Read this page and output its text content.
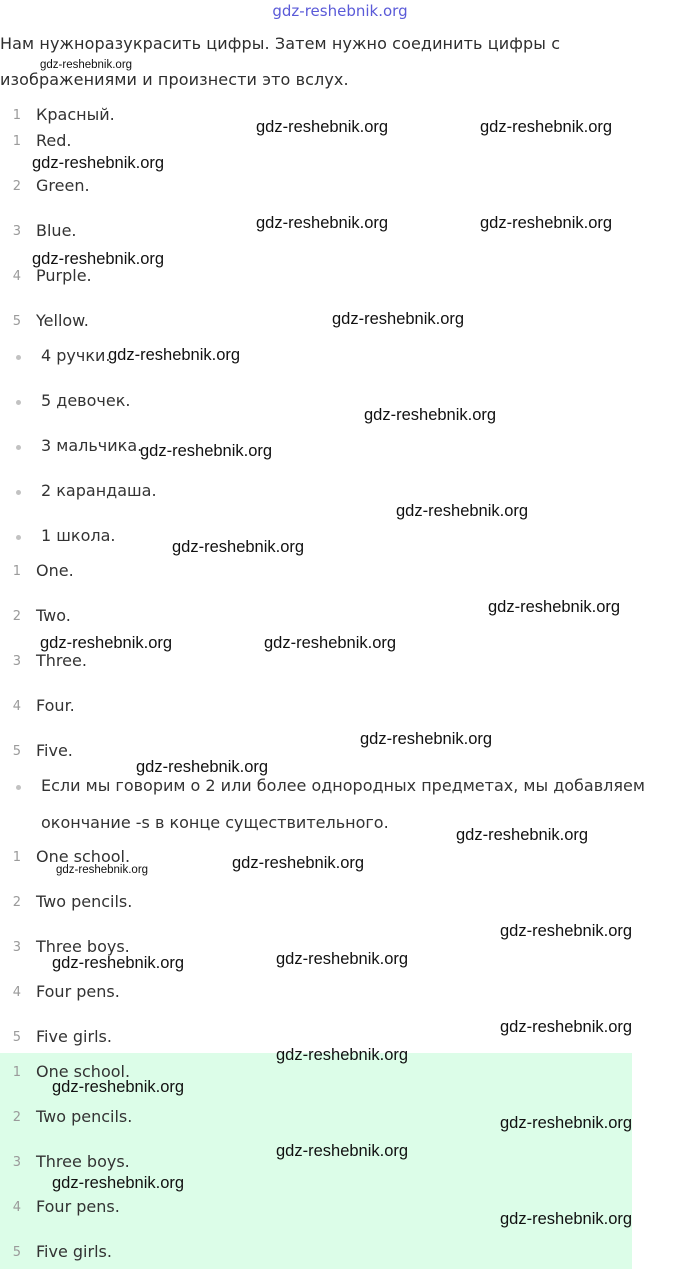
gdz-reshebnik.org
Нам нужноразукрасить цифры. Затем нужно соединить цифры с
изображениями и произнести это вслух.
1 Красный.
1 Red.
2 Green.
3 Blue.
4 Purple.
5 Yellow.
4 ручки.
5 девочек.
3 мальчика.
2 карандаша.
1 школа.
1 One.
2 Two.
3 Three.
4 Four.
5 Five.
Если мы говорим о 2 или более однородных предметах, мы добавляем
окончание -s в конце существительного.
1 One school.
2 Two pencils.
3 Three boys.
4 Four pens.
5 Five girls.
1 One school.
2 Two pencils.
3 Three boys.
4 Four pens.
5 Five girls.
gdz-reshebnik.org
gdz-reshebnik.org	gdz-reshebnik.org
gdz-reshebnik.org
gdz-reshebnik.org	gdz-reshebnik.org
gdz-reshebnik.org
gdz-reshebnik.org
gdz-reshebnik.org
gdz-reshebnik.org
gdz-reshebnik.org
gdz-reshebnik.org
gdz-reshebnik.org
gdz-reshebnik.org
gdz-reshebnik.org	gdz-reshebnik.org
gdz-reshebnik.org
gdz-reshebnik.org
gdz-reshebnik.org
gdz-reshebnik.org
gdz-reshebnik.org
gdz-reshebnik.org
gdz-reshebnik.org	gdz-reshebnik.org
gdz-reshebnik.org
gdz-reshebnik.org
gdz-reshebnik.org
gdz-reshebnik.org
gdz-reshebnik.org
gdz-reshebnik.org
gdz-reshebnik.org
